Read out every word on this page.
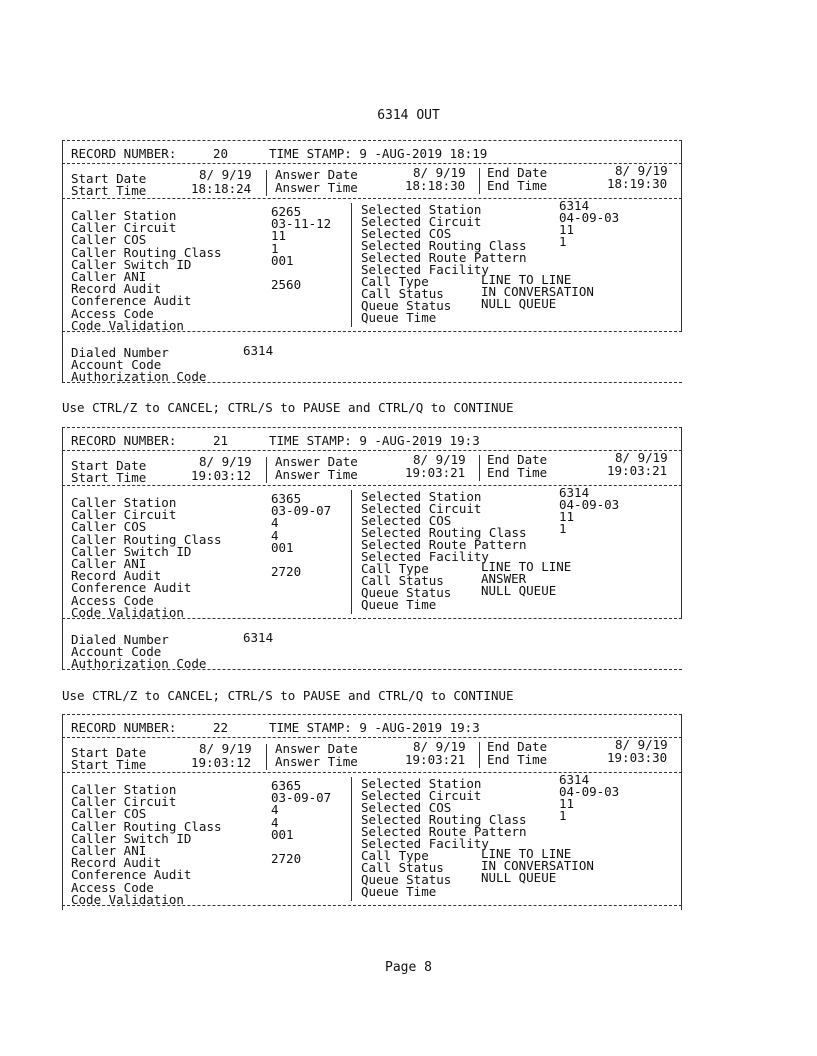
6314 OUT
RECORD NUMBER:	20	TIME STAMP: 9 -AUG-2019 18:19
Start Date	8/ 9/19
Start Time	18:18:24
Answer Date	8/ 9/19
Answer Time	18:18:30
End Date	8/ 9/19
End Time	18:19:30
Caller Station	6265
Caller Circuit	03-11-12
Caller COS	11
Caller Routing Class	1
Caller Switch ID	001
Caller ANI
Record Audit	2560
Conference Audit
Access Code
Code Validation
Selected Station	6314
Selected Circuit	04-09-03
Selected COS	11
Selected Routing Class	1
Selected Route Pattern
Selected Facility
Call Type	LINE TO LINE
Call Status	IN CONVERSATION
Queue Status NULL QUEUE
Queue Time
Dialed Number	6314
Account Code
Authorization Code
RECORD NUMBER:	21	TIME STAMP: 9 -AUG-2019 19:3
Start Date	8/ 9/19
Start Time	19:03:12
Answer Date	8/ 9/19
Answer Time	19:03:21
End Date	8/ 9/19
End Time	19:03:21
Caller Station	6365
Caller Circuit	03-09-07
Caller COS	4
Caller Routing Class	4
Caller Switch ID	001
Caller ANI
Record Audit	2720
Conference Audit
Access Code
Code Validation
Selected Station	6314
Selected Circuit	04-09-03
Selected COS	11
Selected Routing Class	1
Selected Route Pattern
Selected Facility
Call Type	LINE TO LINE
Call Status	ANSWER
Queue Status NULL QUEUE
Queue Time
Dialed Number	6314
Account Code
Authorization Code
RECORD NUMBER:	22	TIME STAMP: 9 -AUG-2019 19:3
Start Date	8/ 9/19
Start Time	19:03:12
Answer Date	8/ 9/19
Answer Time	19:03:21
End Date	8/ 9/19
End Time	19:03:30
Caller Station	6365
Caller Circuit	03-09-07
Caller COS	4
Caller Routing Class	4
Caller Switch ID	001
Caller ANI
Record Audit	2720
Conference Audit
Access Code
Code Validation
Selected Station	6314
Selected Circuit	04-09-03
Selected COS	11
Selected Routing Class	1
Selected Route Pattern
Selected Facility
Call Type	LINE TO LINE
Call Status	IN CONVERSATION
Queue Status NULL QUEUE
Queue Time
Use CTRL/Z to CANCEL; CTRL/S to PAUSE and CTRL/Q to CONTINUE
Use CTRL/Z to CANCEL; CTRL/S to PAUSE and CTRL/Q to CONTINUE
Page 8
